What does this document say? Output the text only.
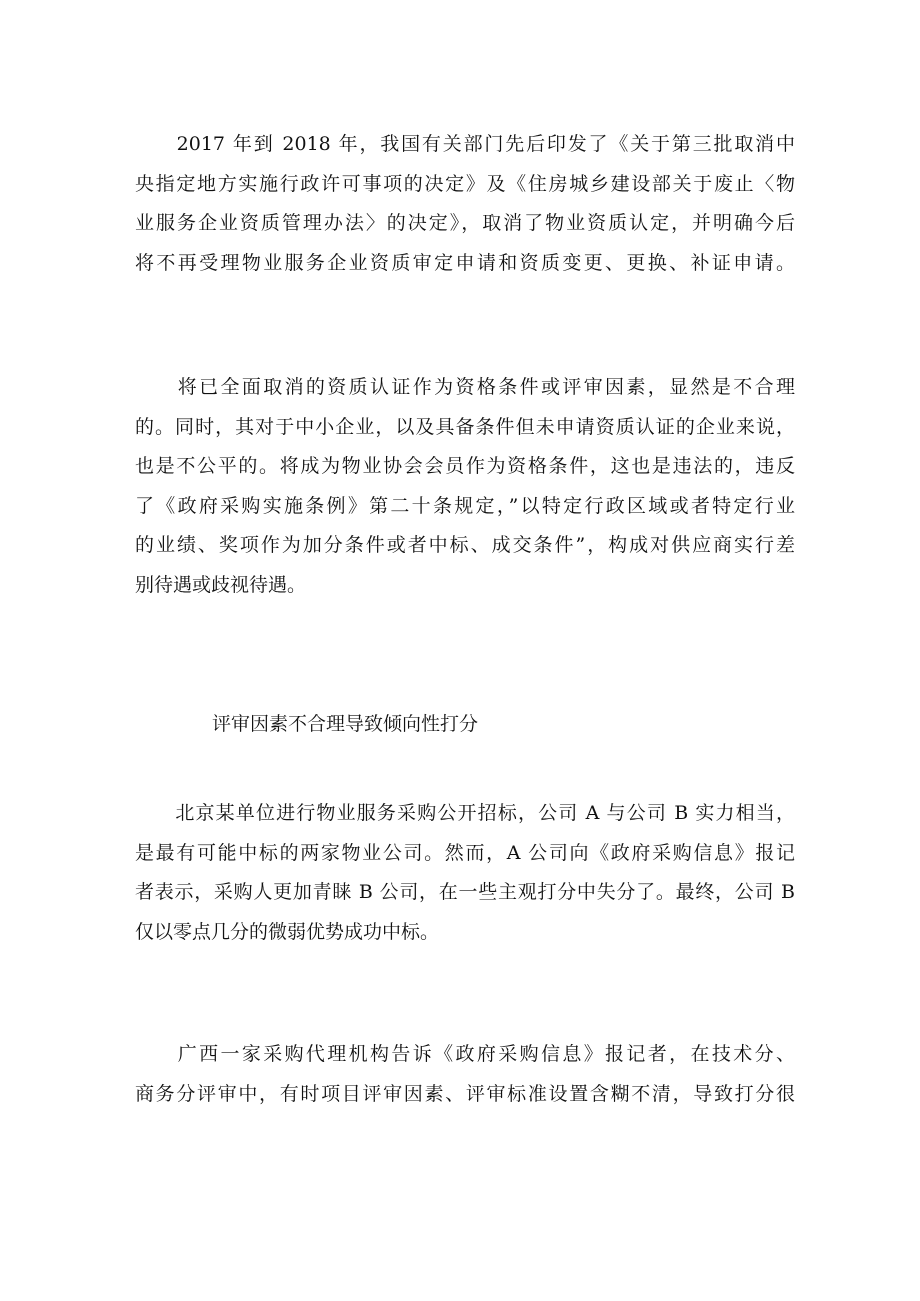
　　2017 年到 2018 年，我国有关部门先后印发了《关于第三批取消中
央指定地方实施行政许可事项的决定》及《住房城乡建设部关于废止〈物
业服务企业资质管理办法〉的决定》，取消了物业资质认定，并明确今后
将不再受理物业服务企业资质审定申请和资质变更、更换、补证申请。
　　将已全面取消的资质认证作为资格条件或评审因素，显然是不合理
的。同时，其对于中小企业，以及具备条件但未申请资质认证的企业来说，
也是不公平的。将成为物业协会会员作为资格条件，这也是违法的，违反
了《政府采购实施条例》第二十条规定，”以特定行政区域或者特定行业
的业绩、奖项作为加分条件或者中标、成交条件”，构成对供应商实行差
别待遇或歧视待遇。
评审因素不合理导致倾向性打分
　　北京某单位进行物业服务采购公开招标，公司 A 与公司 B 实力相当，
是最有可能中标的两家物业公司。然而，A 公司向《政府采购信息》报记
者表示，采购人更加青睐 B 公司，在一些主观打分中失分了。最终，公司 B
仅以零点几分的微弱优势成功中标。
　　广西一家采购代理机构告诉《政府采购信息》报记者，在技术分、
商务分评审中，有时项目评审因素、评审标准设置含糊不清，导致打分很
